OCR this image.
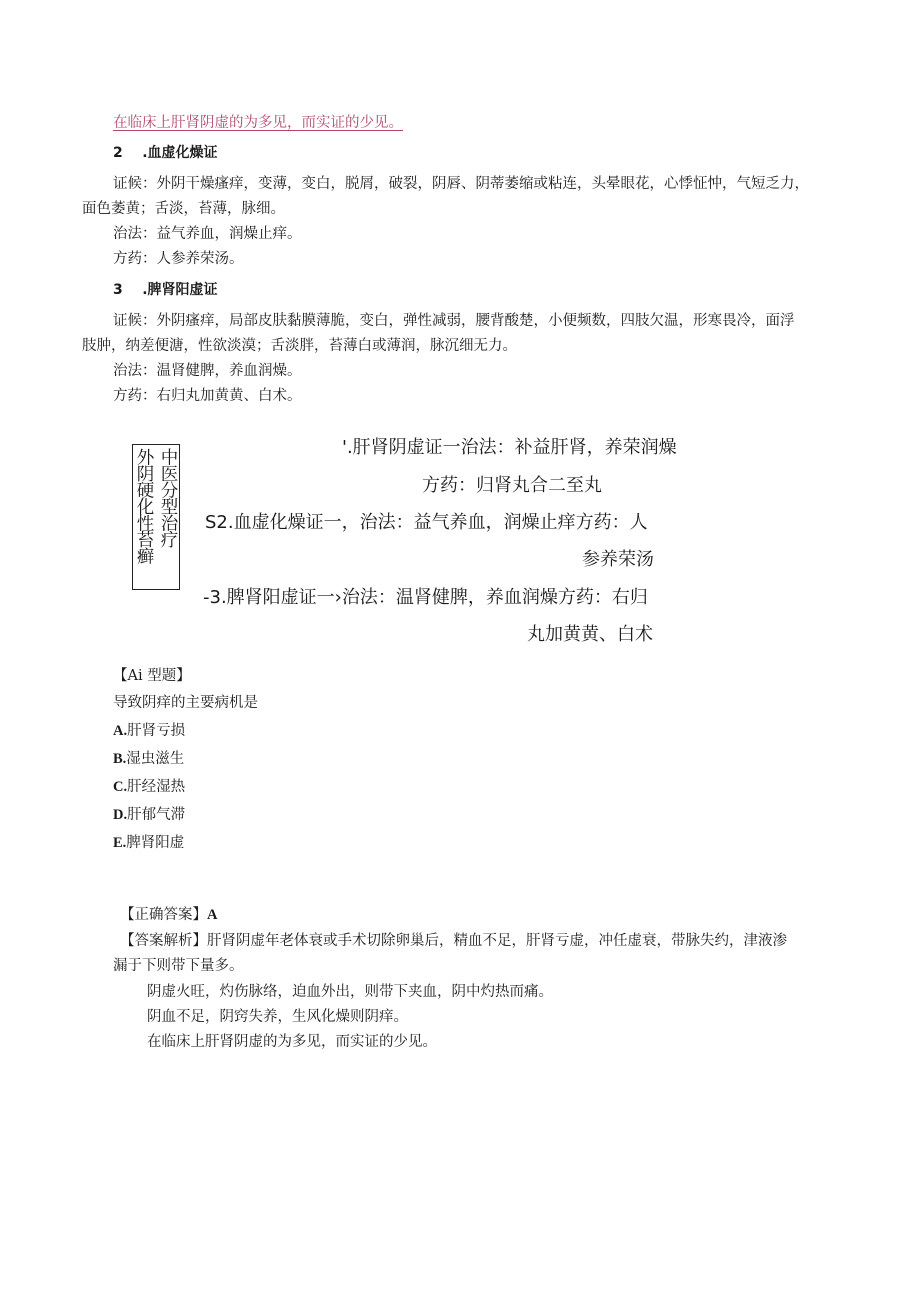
在临床上肝肾阴虚的为多见，而实证的少见。
2    .血虚化燥证
证候：外阴干燥瘙痒，变薄，变白，脱屑，破裂，阴唇、阴蒂萎缩或粘连，头晕眼花，心悸怔忡，气短乏力，
面色萎黄；舌淡，苔薄，脉细。
治法：益气养血，润燥止痒。
方药：人参养荣汤。
3    .脾肾阳虚证
证候：外阴瘙痒，局部皮肤黏膜薄脆，变白，弹性减弱，腰背酸楚，小便频数，四肢欠温，形寒畏冷，面浮
肢肿，纳差便溏，性欲淡漠；舌淡胖，苔薄白或薄润，脉沉细无力。
治法：温肾健脾，养血润燥。
方药：右归丸加黄黄、白术。
中医分型治疗
外阴硬化性苔癣
'.肝肾阴虚证一治法：补益肝肾，养荣润燥
方药：归肾丸合二至丸
S2.血虚化燥证一，治法：益气养血，润燥止痒方药：人
参养荣汤
-3.脾肾阳虚证一›治法：温肾健脾，养血润燥方药：右归
丸加黄黄、白术
【Ai 型题】
导致阴痒的主要病机是
A.肝肾亏损
B.湿虫滋生
C.肝经湿热
D.肝郁气滞
E.脾肾阳虚
【正确答案】A
【答案解析】肝肾阴虚年老体衰或手术切除卵巢后，精血不足，肝肾亏虚，冲任虚衰，带脉失约，津液渗
漏于下则带下量多。
阴虚火旺，灼伤脉络，迫血外出，则带下夹血，阴中灼热而痛。
阴血不足，阴窍失养，生风化燥则阴痒。
在临床上肝肾阴虚的为多见，而实证的少见。
